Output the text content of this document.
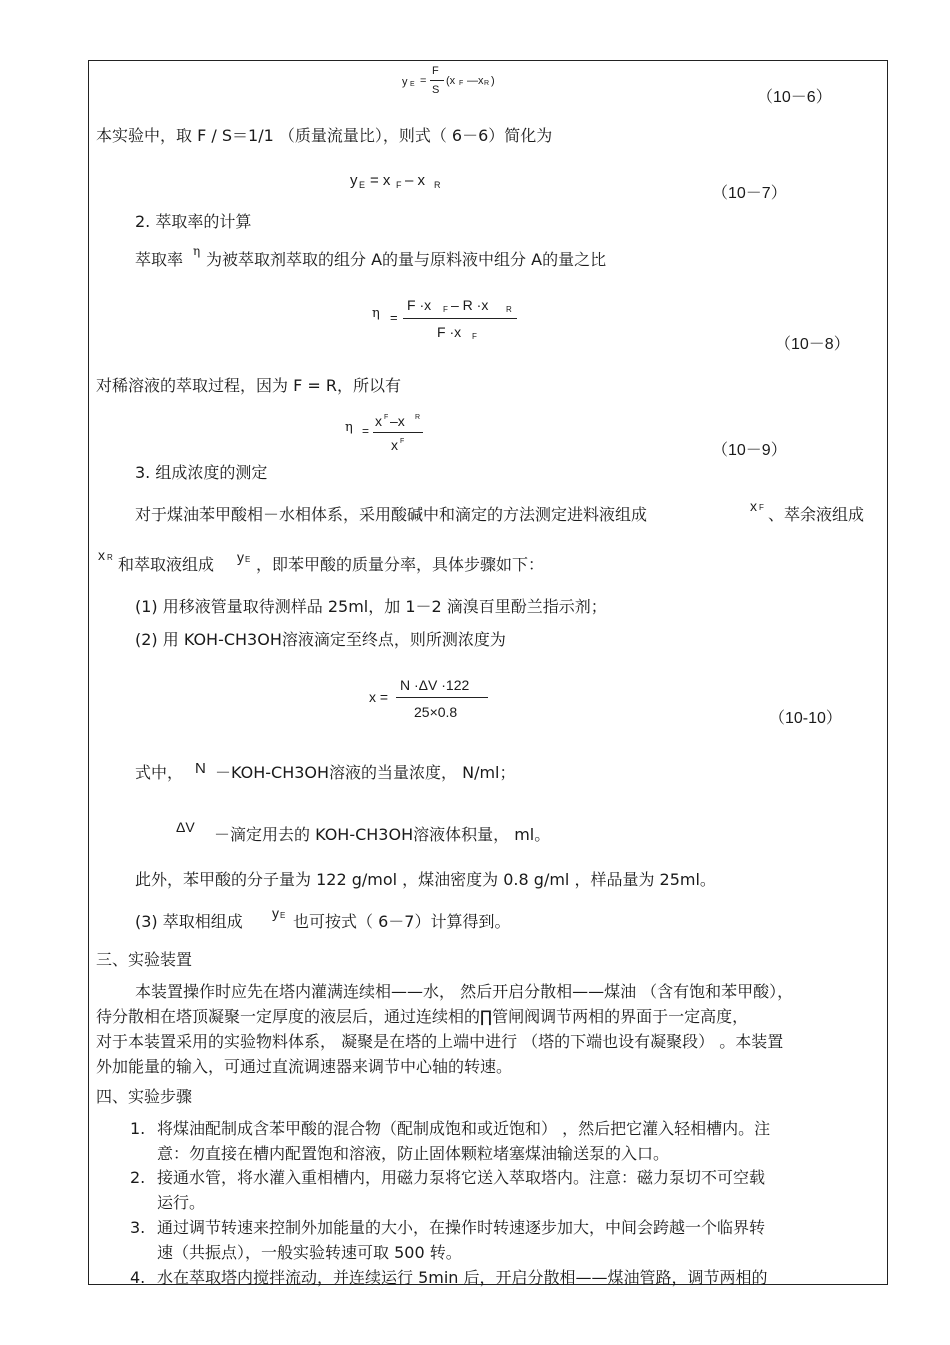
y E =
F
S
(x F —x R )
（10－6）
本实验中，取 F / S＝1/1 （质量流量比），则式（ 6－6）简化为
y E = x F – x R	（10－7）
2. 萃取率的计算
萃取率 η 为被萃取剂萃取的组分 A的量与原料液中组分 A的量之比
η =
F ·x F – R ·x R
F ·x F	（10－8）
对稀溶液的萃取过程，因为 F = R，所以有
η =
x F –x R
x F
（10－9）
3. 组成浓度的测定
对于煤油苯甲酸相－水相体系，采用酸碱中和滴定的方法测定进料液组成	x F 、萃余液组成
x R 和萃取液组成 y E ，即苯甲酸的质量分率，具体步骤如下：
(1) 用移液管量取待测样品 25ml，加 1－2 滴溴百里酚兰指示剂；
(2) 用 KOH-CH3OH溶液滴定至终点，则所测浓度为
x =
N ·ΔV ·122
25×0.8	（10-10）
式中， N －KOH-CH3OH溶液的当量浓度， N/ml；
ΔV －滴定用去的 KOH-CH3OH溶液体积量， ml。
此外，苯甲酸的分子量为 122 g/mol ，煤油密度为 0.8 g/ml ，样品量为 25ml。
(3) 萃取相组成 y E 也可按式（ 6－7）计算得到。
三、实验装置
本装置操作时应先在塔内灌满连续相——水， 然后开启分散相——煤油 （含有饱和苯甲酸），
待分散相在塔顶凝聚一定厚度的液层后，通过连续相的∏管闸阀调节两相的界面于一定高度，
对于本装置采用的实验物料体系， 凝聚是在塔的上端中进行 （塔的下端也设有凝聚段） 。本装置
外加能量的输入，可通过直流调速器来调节中心轴的转速。
四、实验步骤
1. 将煤油配制成含苯甲酸的混合物（配制成饱和或近饱和） ，然后把它灌入轻相槽内。注
意：勿直接在槽内配置饱和溶液，防止固体颗粒堵塞煤油输送泵的入口。
2. 接通水管，将水灌入重相槽内，用磁力泵将它送入萃取塔内。注意：磁力泵切不可空载
运行。
3. 通过调节转速来控制外加能量的大小，在操作时转速逐步加大，中间会跨越一个临界转
速（共振点），一般实验转速可取 500 转。
4. 水在萃取塔内搅拌流动，并连续运行 5min 后，开启分散相——煤油管路，调节两相的
